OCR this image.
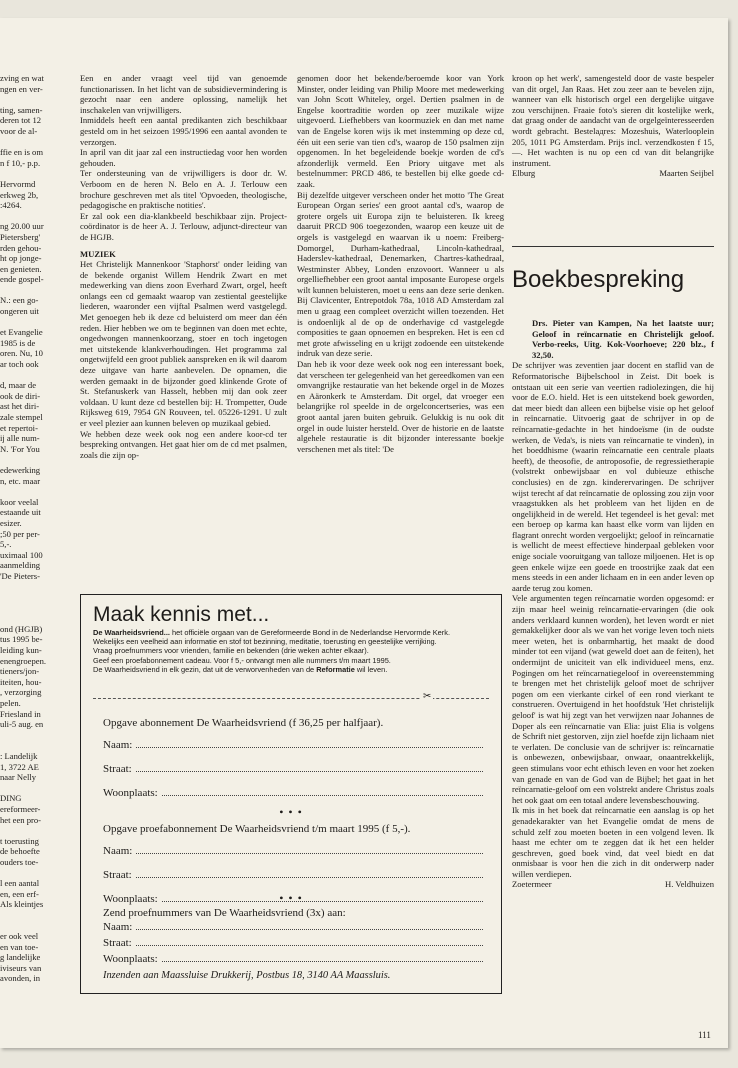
zving en wat
ngen en ver-
ting, samen-
deren tot 12
voor de al-
ffie en is om
n f 10,- p.p.
Hervormd
erkweg 2b,
:4264.
ng 20.00 uur
Pietersberg'
rden gehou-
ht op jonge-
en genieten.
ende gospel-
N.: een go-
ongeren uit
et Evangelie
1985 is de
oren. Nu, 10
ar toch ook
d, maar de
ook de diri-
ast het diri-
zale stempel
et repertoi-
ij alle num-
N. 'For You
edewerking
n, etc. maar
koor veelal
estaande uit
esizer.
;50 per per-
5,-.
uximaal 100
aanmelding
'De Pieters-
ond (HGJB)
tus 1995 be-
leiding kun-
enengroepen.
tieners/jon-
iteiten, hou-
, verzorging
pelen.
Friesland in
uli-5 aug. en
: Landelijk
1, 3722 AE
naar Nelly
DING
ereformeer-
het een pro-
t toerusting
de behoefte
ouders toe-
l een aantal
en, een erf-
Als kleintjes
er ook veel
en van toe-
g landelijke
iviseurs van
avonden, in

Een en ander vraagt veel tijd van genoemde functionarissen. In het licht van de subsidievermindering is gezocht naar een andere oplossing, namelijk het inschakelen van vrijwilligers.

Inmiddels heeft een aantal predikanten zich beschikbaar gesteld om in het seizoen 1995/1996 een aantal avonden te verzorgen.

In april van dit jaar zal een instructiedag voor hen worden gehouden.

Ter ondersteuning van de vrijwilligers is door dr. W. Verboom en de heren N. Belo en A. J. Terlouw een brochure geschreven met als titel 'Opvoeden, theologische, pedagogische en praktische notities'.

Er zal ook een dia-klankbeeld beschikbaar zijn. Project-coördinator is de heer A. J. Terlouw, adjunct-directeur van de HGJB.

MUZIEK

Het Christelijk Mannenkoor 'Staphorst' onder leiding van de bekende organist Willem Hendrik Zwart en met medewerking van diens zoon Everhard Zwart, orgel, heeft onlangs een cd gemaakt waarop van zestiental geestelijke liederen, waaronder een vijftal Psalmen werd vastgelegd. Met genoegen heb ik deze cd beluisterd om meer dan één reden. Hier hebben we om te beginnen van doen met echte, ongedwongen mannenkoorzang, stoer en toch ingetogen met uitstekende klankverhoudingen. Het programma zal ongetwijfeld een groot publiek aanspreken en ik wil daarom deze uitgave van harte aanbevelen. De opnamen, die werden gemaakt in de bijzonder goed klinkende Grote of St. Stefanuskerk van Hasselt, hebben mij dan ook zeer voldaan. U kunt deze cd bestellen bij: H. Trompetter, Oude Rijksweg 619, 7954 GN Rouveen, tel. 05226-1291. U zult er veel plezier aan kunnen beleven op muzikaal gebied.

We hebben deze week ook nog een andere koor-cd ter bespreking ontvangen. Het gaat hier om de cd met psalmen, zoals die zijn op-

genomen door het bekende/beroemde koor van York Minster, onder leiding van Philip Moore met medewerking van John Scott Whiteley, orgel. Dertien psalmen in de Engelse koortraditie worden op zeer muzikale wijze uitgevoerd. Liefhebbers van koormuziek en dan met name van de Engelse koren wijs ik met instemming op deze cd, één uit een serie van tien cd's, waarop de 150 psalmen zijn opgenomen. In het begeleidende boekje worden de cd's afzonderlijk vermeld. Een Priory uitgave met als bestelnummer: PRCD 486, te bestellen bij elke goede cd-zaak.

Bij dezelfde uitgever verscheen onder het motto 'The Great European Organ series' een groot aantal cd's, waarop de grotere orgels uit Europa zijn te beluisteren. Ik kreeg daaruit PRCD 906 toegezonden, waarop een keuze uit de orgels is vastgelegd en waarvan ik u noem: Freiberg-Domorgel, Durham-kathedraal, Lincoln-kathedraal, Haderslev-kathedraal, Denemarken, Chartres-kathedraal, Westminster Abbey, Londen enzovoort. Wanneer u als orgelliefhebber een groot aantal imposante Europese orgels wilt kunnen beluisteren, moet u eens aan deze serie denken. Bij Clavicenter, Entrepotdok 78a, 1018 AD Amsterdam zal men u graag een compleet overzicht willen toezenden. Het is ondoenlijk al de op de onderhavige cd vastgelegde composities te gaan opnoemen en bespreken. Het is een cd met grote afwisseling en u krijgt zodoende een uitstekende indruk van deze serie.

Dan heb ik voor deze week ook nog een interessant boek, dat verscheen ter gelegenheid van het gereedkomen van een omvangrijke restauratie van het bekende orgel in de Mozes en Aäronkerk te Amsterdam. Dit orgel, dat vroeger een belangrijke rol speelde in de orgelconcertseries, was een groot aantal jaren buiten gebruik. Gelukkig is nu ook dit orgel in oude luister hersteld. Over de historie en de laatste algehele restauratie is dit bijzonder interessante boekje verschenen met als titel: 'De

kroon op het werk', samengesteld door de vaste bespeler van dit orgel, Jan Raas. Het zou zeer aan te bevelen zijn, wanneer van elk historisch orgel een dergelijke uitgave zou verschijnen. Fraaie foto's sieren dit kostelijke werk, dat graag onder de aandacht van de orgelgeïnteresseerden wordt gebracht. Bestelадres: Mozeshuis, Waterlooplein 205, 1011 PG Amsterdam. Prijs incl. verzendkosten f 15,—. Het wachten is nu op een cd van dit belangrijke instrument.

Elburg	Maarten Seijbel
Boekbespreking

Drs. Pieter van Kampen, Na het laatste uur; Geloof in reïncarnatie en Christelijk geloof. Verbo-reeks, Uitg. Kok-Voorhoeve; 220 blz., f 32,50.

De schrijver was zeventien jaar docent en staflid van de Reformatorische Bijbelschool in Zeist. Dit boek is ontstaan uit een serie van veertien radiolezingen, die hij voor de E.O. hield. Het is een uitstekend boek geworden, dat meer biedt dan alleen een bijbelse visie op het geloof in reïncarnatie. Uitvoerig gaat de schrijver in op de reïncarnatie-gedachte in het hindoeïsme (in de oudste werken, de Veda's, is niets van reïncarnatie te vinden), in het boeddhisme (waarin reïncarnatie een centrale plaats heeft), de theosofie, de antroposofie, de regressietherapie (volstrekt onbewijsbaar en vol dubieuze ethische conclusies) en de zgn. kinderervaringen. De schrijver wijst terecht af dat reïncarnatie de oplossing zou zijn voor vraagstukken als het probleem van het lijden en de ongelijkheid in de wereld. Het tegendeel is het geval: met een beroep op karma kan haast elke vorm van lijden en flagrant onrecht worden vergoelijkt; geloof in reïncarnatie is wellicht de meest effectieve hinderpaal gebleken voor enige sociale vooruitgang van talloze miljoenen. Het is op geen enkele wijze een goede en troostrijke zaak dat een mens steeds in een ander lichaam en in een ander leven op aarde terug zou komen.

Vele argumenten tegen reïncarnatie worden opgesomd: er zijn maar heel weinig reïncarnatie-ervaringen (die ook anders verklaard kunnen worden), het leven wordt er niet gemakkelijker door als we van het vorige leven toch niets meer weten, het is onbarmhartig, het maakt de dood minder tot een vijand (wat geweld doet aan de feiten), het ondermijnt de uniciteit van elk individueel mens, enz. Pogingen om het reïncarnatiegeloof in overeenstemming te brengen met het christelijk geloof moet de schrijver pogen om een vierkante cirkel of een rond vierkant te construeren. Overtuigend in het hoofdstuk 'Het christelijk geloof' is wat hij zegt van het verwijzen naar Johannes de Doper als een reïncarnatie van Elia: juist Elia is volgens de Schrift niet gestorven, zijn ziel hoefde zijn lichaam niet te verlaten. De conclusie van de schrijver is: reïncarnatie is onbewezen, onbewijsbaar, onwaar, onaantrekkelijk, geen stimulans voor echt ethisch leven en voor het zoeken van genade en van de God van de Bijbel; het gaat in het reïncarnatie-geloof om een volstrekt andere Christus zoals het ook gaat om een totaal andere levensbeschouwing.

Ik mis in het boek dat reïncarnatie een aanslag is op het genadekarakter van het Evangelie omdat de mens de schuld zelf zou moeten boeten in een volgend leven. Ik haast me echter om te zeggen dat ik het een helder geschreven, goed boek vind, dat veel biedt en dat onmisbaar is voor hen die zich in dit onderwerp nader willen verdiepen.

Zoetermeer	H. Veldhuizen
Maak kennis met...

De Waarheidsvriend... het officiële orgaan van de Gereformeerde Bond in de Nederlandse Hervormde Kerk.

Wekelijks een veelheid aan informatie en stof tot bezinning, meditatie, toerusting en geestelijke verrijking.

Vraag proefnummers voor vrienden, familie en bekenden (drie weken achter elkaar).

Geef een proefabonnement cadeau. Voor f 5,- ontvangt men alle nummers t/m maart 1995.

De Waarheidsvriend in elk gezin, dat uit de verworvenheden van de Reformatie wil leven.

✂
Opgave abonnement De Waarheidsvriend (f 36,25 per halfjaar).
Naam:
Straat:
Woonplaats:
• • •
Opgave proefabonnement De Waarheidsvriend t/m maart 1995 (f 5,-).
Naam:
Straat:
Woonplaats:	• • •
Zend proefnummers van De Waarheidsvriend (3x) aan:
Naam:
Straat:
Woonplaats:
Inzenden aan Maassluise Drukkerij, Postbus 18, 3140 AA Maassluis.
111
